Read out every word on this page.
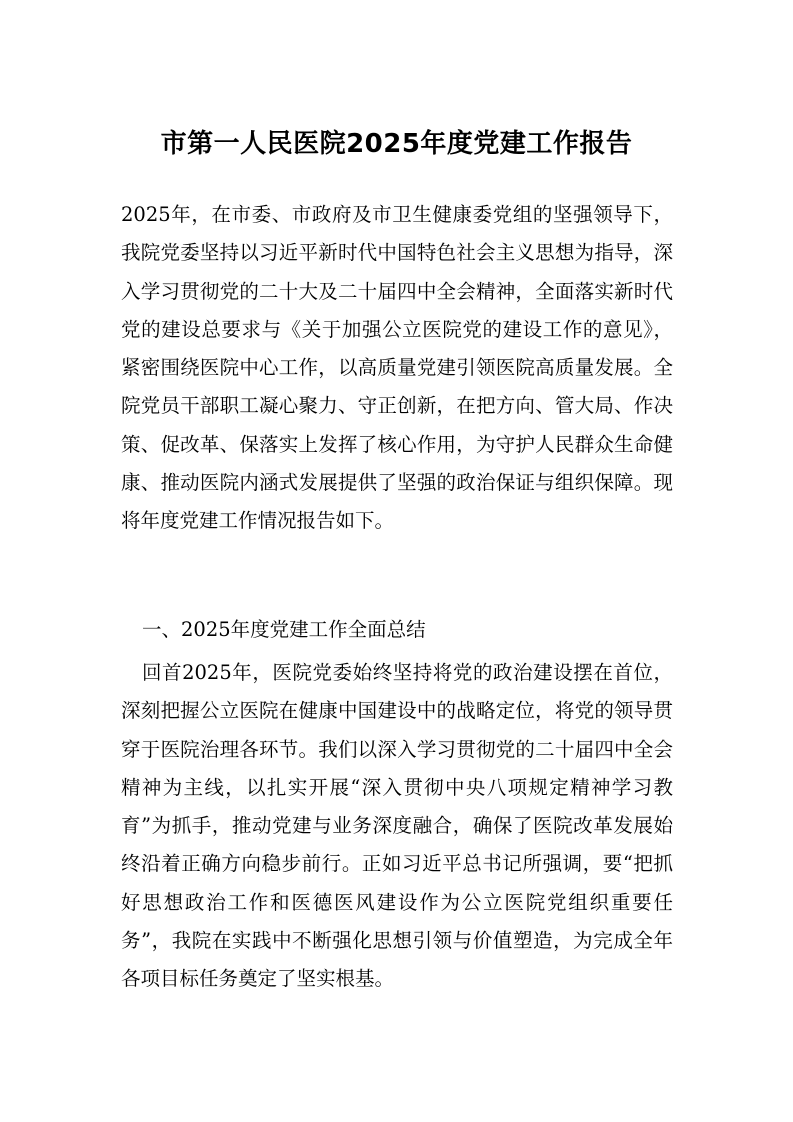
市第一人民医院2025年度党建工作报告

2025年，在市委、市政府及市卫生健康委党组的坚强领导下，我院党委坚持以习近平新时代中国特色社会主义思想为指导，深入学习贯彻党的二十大及二十届四中全会精神，全面落实新时代党的建设总要求与《关于加强公立医院党的建设工作的意见》，紧密围绕医院中心工作，以高质量党建引领医院高质量发展。全院党员干部职工凝心聚力、守正创新，在把方向、管大局、作决策、促改革、保落实上发挥了核心作用，为守护人民群众生命健康、推动医院内涵式发展提供了坚强的政治保证与组织保障。现将年度党建工作情况报告如下。

一、2025年度党建工作全面总结

回首2025年，医院党委始终坚持将党的政治建设摆在首位，深刻把握公立医院在健康中国建设中的战略定位，将党的领导贯穿于医院治理各环节。我们以深入学习贯彻党的二十届四中全会精神为主线，以扎实开展“深入贯彻中央八项规定精神学习教育”为抓手，推动党建与业务深度融合，确保了医院改革发展始终沿着正确方向稳步前行。正如习近平总书记所强调，要“把抓好思想政治工作和医德医风建设作为公立医院党组织重要任务”，我院在实践中不断强化思想引领与价值塑造，为完成全年各项目标任务奠定了坚实根基。
